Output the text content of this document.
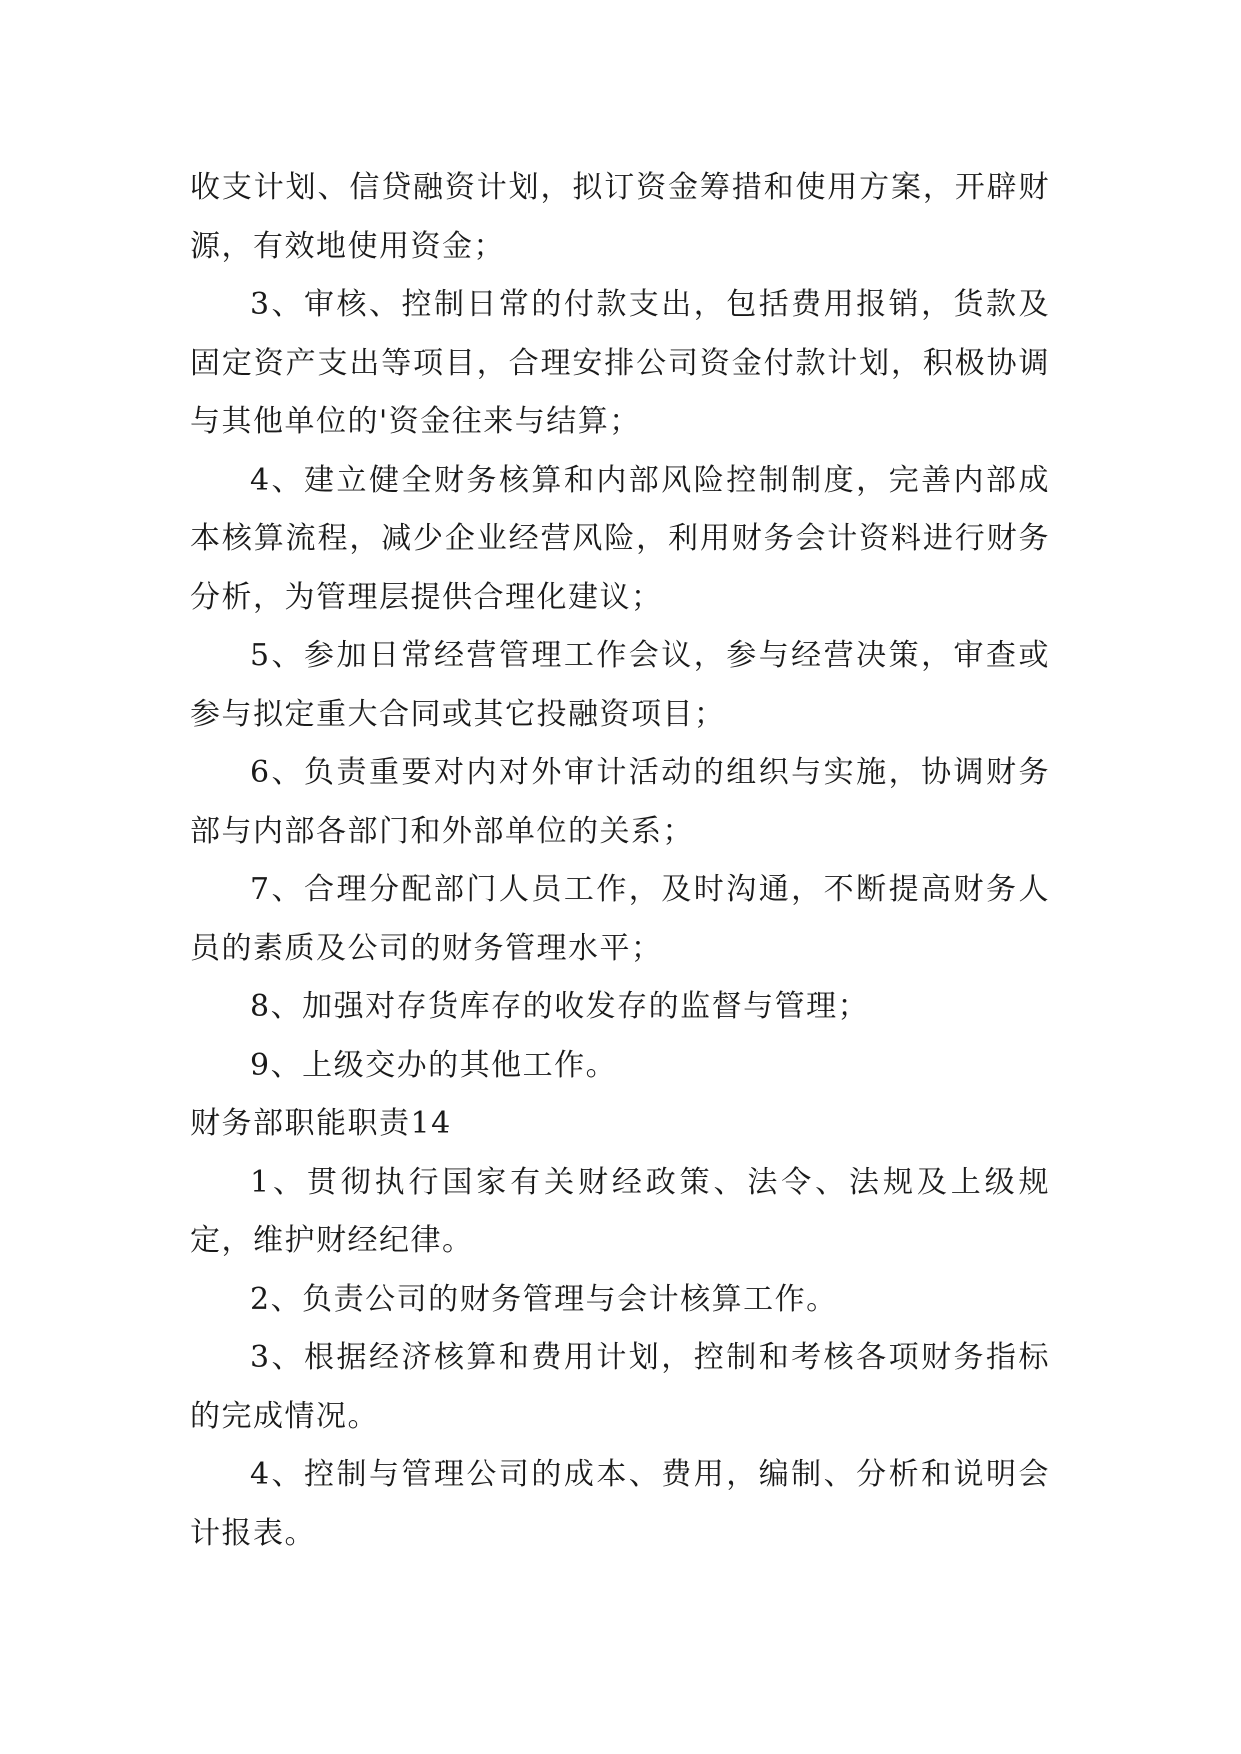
收支计划、信贷融资计划，拟订资金筹措和使用方案，开辟财源，有效地使用资金；

3、审核、控制日常的付款支出，包括费用报销，货款及固定资产支出等项目，合理安排公司资金付款计划，积极协调与其他单位的'资金往来与结算；

4、建立健全财务核算和内部风险控制制度，完善内部成本核算流程，减少企业经营风险，利用财务会计资料进行财务分析，为管理层提供合理化建议；

5、参加日常经营管理工作会议，参与经营决策，审查或参与拟定重大合同或其它投融资项目；

6、负责重要对内对外审计活动的组织与实施，协调财务部与内部各部门和外部单位的关系；

7、合理分配部门人员工作，及时沟通，不断提高财务人员的素质及公司的财务管理水平；

8、加强对存货库存的收发存的监督与管理；

9、上级交办的其他工作。

财务部职能职责14

1、贯彻执行国家有关财经政策、法令、法规及上级规定，维护财经纪律。

2、负责公司的财务管理与会计核算工作。

3、根据经济核算和费用计划，控制和考核各项财务指标的完成情况。

4、控制与管理公司的成本、费用，编制、分析和说明会计报表。
